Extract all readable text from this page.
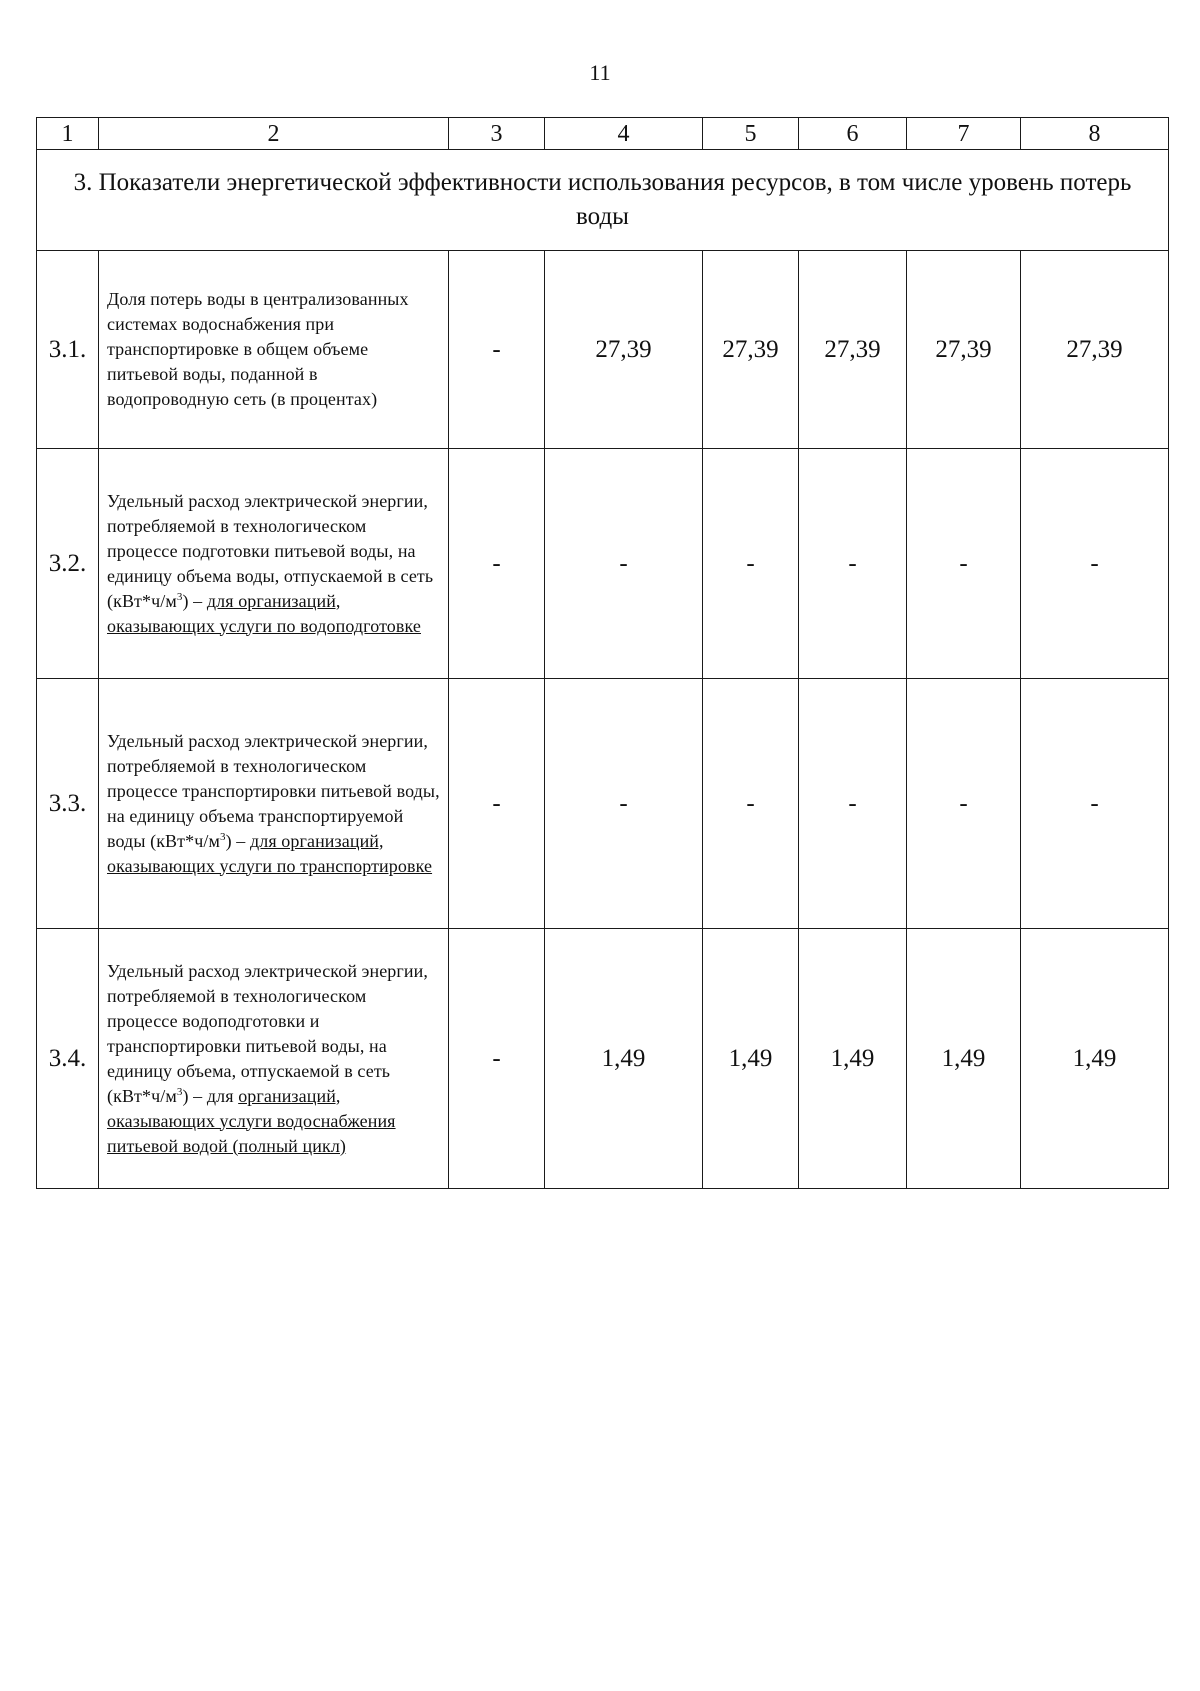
11
1	2	3	4	5	6	7	8
3. Показатели энергетической эффективности использования ресурсов, в том числе уровень потерь воды							
3.1.	Доля потерь воды в централизованных системах водоснабжения при транспортировке в общем объеме питьевой воды, поданной в водопроводную сеть (в процентах)	-	27,39	27,39	27,39	27,39	27,39
3.2.	Удельный расход электрической энергии, потребляемой в технологическом процессе подготовки питьевой воды, на единицу объема воды, отпускаемой в сеть $(кВт*ч/м^3)$ – для организаций, оказывающих услуги по водоподготовке	-	-	-	-	-	-
3.3.	Удельный расход электрической энергии, потребляемой в технологическом процессе транспортировки питьевой воды, на единицу объема транспортируемой воды $(кВт*ч/м^3)$ – для организаций, оказывающих услуги по транспортировке	-	-	-	-	-	-
3.4.	Удельный расход электрической энергии, потребляемой в технологическом процессе водоподготовки и транспортировки питьевой воды, на единицу объема, отпускаемой в сеть $(кВт*ч/м^3)$ – для организаций, оказывающих услуги водоснабжения питьевой водой (полный цикл)	-	1,49	1,49	1,49	1,49	1,49
